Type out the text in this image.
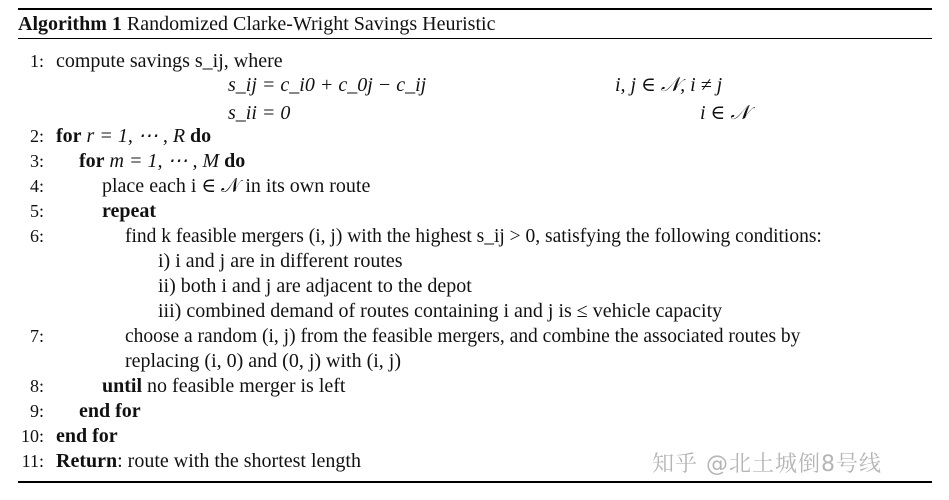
Algorithm 1 Randomized Clarke-Wright Savings Heuristic
1: compute savings s_ij, where
s_ij = c_i0 + c_0j − c_ij	i, j ∈ 𝒩, i ≠ j
s_ii = 0	i ∈ 𝒩
2: for r = 1, ⋯ , R do
3: for m = 1, ⋯ , M do
4:	place each i ∈ 𝒩 in its own route
5:	repeat
6:	find k feasible mergers (i, j) with the highest s_ij > 0, satisfying the following conditions:
i) i and j are in different routes
ii) both i and j are adjacent to the depot
iii) combined demand of routes containing i and j is ≤ vehicle capacity
7:	choose a random (i, j) from the feasible mergers, and combine the associated routes by
replacing (i, 0) and (0, j) with (i, j)
8:	until no feasible merger is left
9: end for
10: end for
11: Return: route with the shortest length	知乎 @北土城倒8号线
